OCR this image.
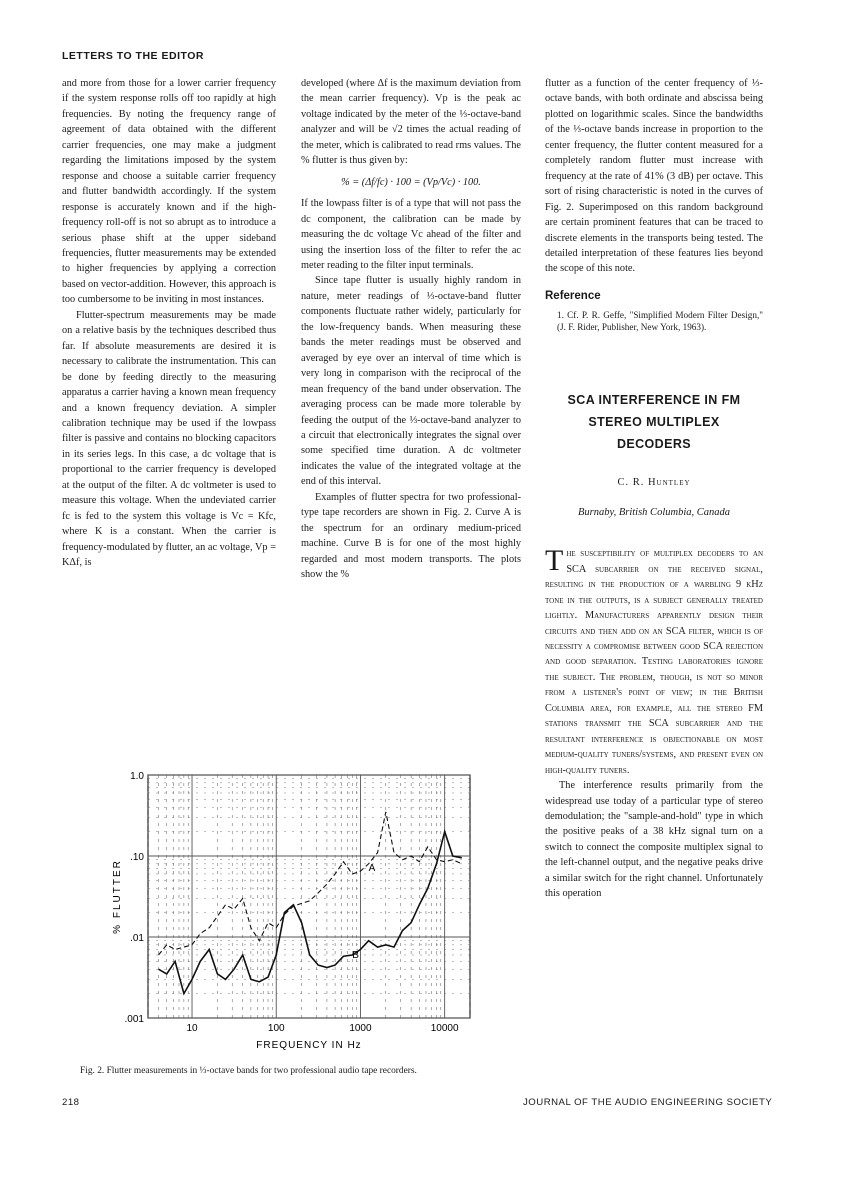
LETTERS TO THE EDITOR

and more from those for a lower carrier frequency if the system response rolls off too rapidly at high frequencies. By noting the frequency range of agreement of data obtained with the different carrier frequencies, one may make a judgment regarding the limitations imposed by the system response and choose a suitable carrier frequency and flutter bandwidth accordingly. If the system response is accurately known and if the high-frequency roll-off is not so abrupt as to introduce a serious phase shift at the upper sideband frequencies, flutter measurements may be extended to higher frequencies by applying a correction based on vector-addition. However, this approach is too cumbersome to be inviting in most instances.

Flutter-spectrum measurements may be made on a relative basis by the techniques described thus far. If absolute measurements are desired it is necessary to calibrate the instrumentation. This can be done by feeding directly to the measuring apparatus a carrier having a known mean frequency and a known frequency deviation. A simpler calibration technique may be used if the lowpass filter is passive and contains no blocking capacitors in its series legs. In this case, a dc voltage that is proportional to the carrier frequency is developed at the output of the filter. A dc voltmeter is used to measure this voltage. When the undeviated carrier fc is fed to the system this voltage is Vc = Kfc, where K is a constant. When the carrier is frequency-modulated by flutter, an ac voltage, Vp = KΔf, is

developed (where Δf is the maximum deviation from the mean carrier frequency). Vp is the peak ac voltage indicated by the meter of the ⅓-octave-band analyzer and will be √2 times the actual reading of the meter, which is calibrated to read rms values. The % flutter is thus given by:

% = (Δf/fc) · 100 = (Vp/Vc) · 100.

If the lowpass filter is of a type that will not pass the dc component, the calibration can be made by measuring the dc voltage Vc ahead of the filter and using the insertion loss of the filter to refer the ac meter reading to the filter input terminals.

Since tape flutter is usually highly random in nature, meter readings of ⅓-octave-band flutter components fluctuate rather widely, particularly for the low-frequency bands. When measuring these bands the meter readings must be observed and averaged by eye over an interval of time which is very long in comparison with the reciprocal of the mean frequency of the band under observation. The averaging process can be made more tolerable by feeding the output of the ⅓-octave-band analyzer to a circuit that electronically integrates the signal over some specified time duration. A dc voltmeter indicates the value of the integrated voltage at the end of this interval.

Examples of flutter spectra for two professional-type tape recorders are shown in Fig. 2. Curve A is the spectrum for an ordinary medium-priced machine. Curve B is for one of the most highly regarded and most modern transports. The plots show the %

flutter as a function of the center frequency of ⅓-octave bands, with both ordinate and abscissa being plotted on logarithmic scales. Since the bandwidths of the ⅓-octave bands increase in proportion to the center frequency, the flutter content measured for a completely random flutter must increase with frequency at the rate of 41% (3 dB) per octave. This sort of rising characteristic is noted in the curves of Fig. 2. Superimposed on this random background are certain prominent features that can be traced to discrete elements in the transports being tested. The detailed interpretation of these features lies beyond the scope of this note.

Reference

1. Cf. P. R. Geffe, "Simplified Modern Filter Design," (J. F. Rider, Publisher, New York, 1963).

SCA INTERFERENCE IN FM
STEREO MULTIPLEX
DECODERS
C. R. Huntley
Burnaby, British Columbia, Canada

The susceptibility of multiplex decoders to an SCA subcarrier on the received signal, resulting in the production of a warbling 9 kHz tone in the outputs, is a subject generally treated lightly. Manufacturers apparently design their circuits and then add on an SCA filter, which is of necessity a compromise between good SCA rejection and good separation. Testing laboratories ignore the subject. The problem, though, is not so minor from a listener's point of view; in the British Columbia area, for example, all the stereo FM stations transmit the SCA subcarrier and the resultant interference is objectionable on most medium-quality tuners/systems, and present even on high-quality tuners.

The interference results primarily from the widespread use today of a particular type of stereo demodulation; the "sample-and-hold" type in which the positive peaks of a 38 kHz signal turn on a switch to connect the composite multiplex signal to the left-channel output, and the negative peaks drive a similar switch for the right channel. Unfortunately this operation

10	100	1000	10000
.001
.01
.10
1.0
FREQUENCY IN Hz
% FLUTTER	A
B
Fig. 2. Flutter measurements in ⅓-octave bands for two professional audio tape recorders.
218	JOURNAL OF THE AUDIO ENGINEERING SOCIETY
